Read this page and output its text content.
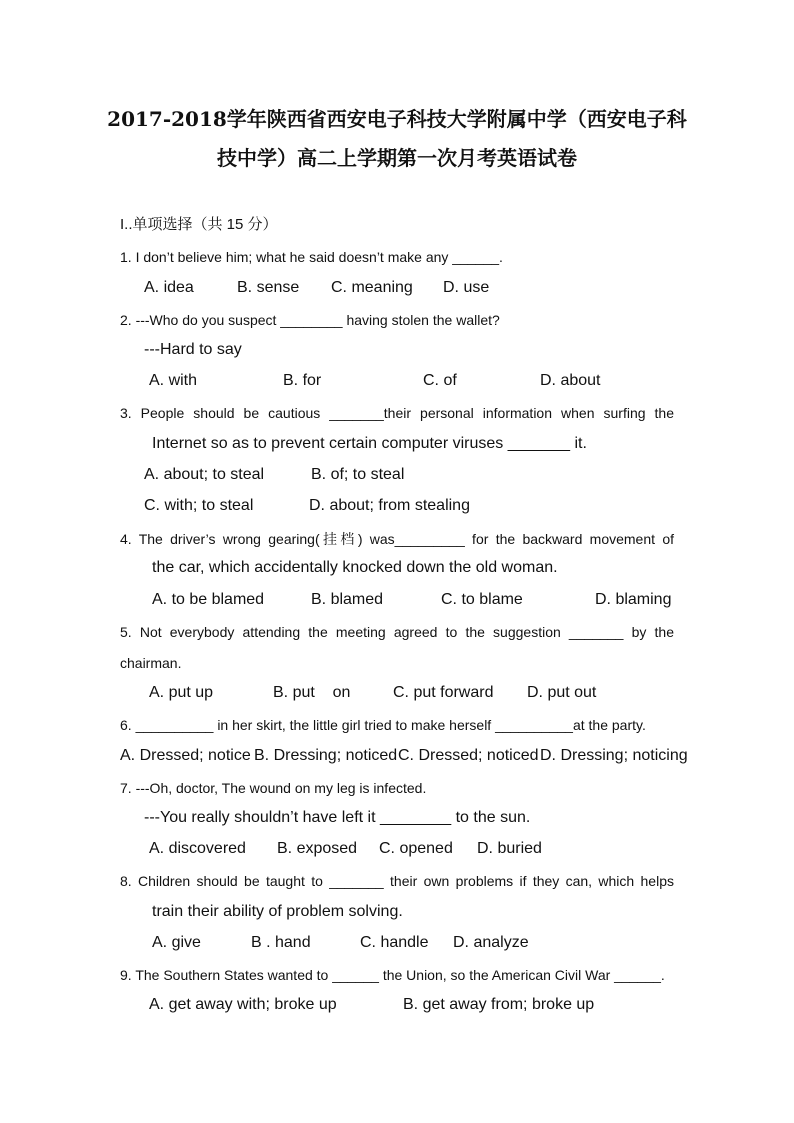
2017-2018学年陕西省西安电子科技大学附属中学（西安电子科
技中学）高二上学期第一次月考英语试卷
I..单项选择（共 15 分）
1. I don’t believe him; what he said doesn’t make any ______.
A. idea	B. sense C. meaning D. use
2. ---Who do you suspect ________ having stolen the wallet?
---Hard to say
A. with	B. for	C. of	D. about
3. People should be cautious _______their personal information when surfing the
Internet so as to prevent certain computer viruses _______ it.
A. about; to steal	B. of; to steal
C. with; to steal	D. about; from stealing
4. The driver’s wrong gearing(挂档) was_________ for the backward movement of
the car, which accidentally knocked down the old woman.
A. to be blamed	B. blamed	C. to blame	D. blaming
5. Not everybody attending the meeting agreed to the suggestion _______ by the
chairman.
A. put up	B. put    on	C. put forward D. put out
6. __________ in her skirt, the little girl tried to make herself __________at the party.
A. Dressed; notice B. Dressing; noticed C. Dressed; noticed D. Dressing; noticing
7. ---Oh, doctor, The wound on my leg is infected.
---You really shouldn’t have left it ________ to the sun.
A. discovered B. exposed C. opened D. buried
8. Children should be taught to _______ their own problems if they can, which helps
train their ability of problem solving.
A. give	B . hand	C. handle D. analyze
9. The Southern States wanted to ______ the Union, so the American Civil War ______.
A. get away with; broke up	B. get away from; broke up
